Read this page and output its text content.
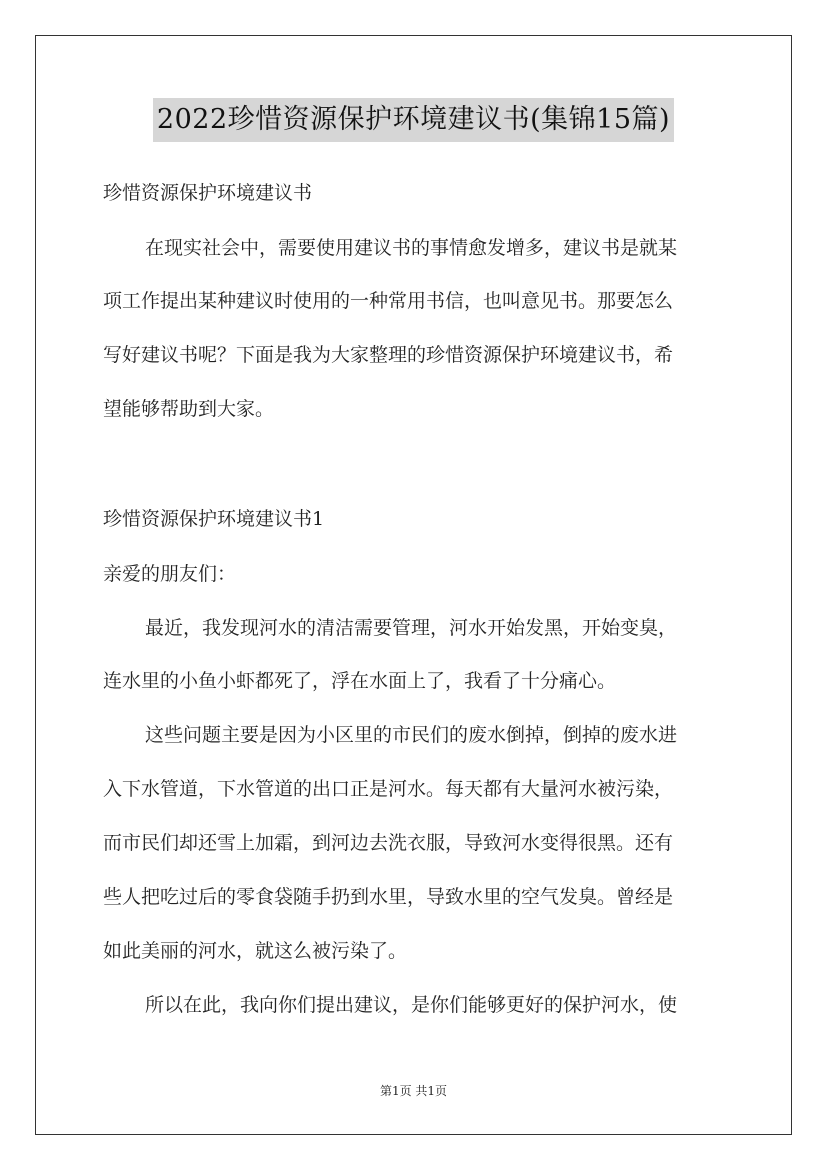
2022珍惜资源保护环境建议书(集锦15篇)
珍惜资源保护环境建议书
在现实社会中，需要使用建议书的事情愈发增多，建议书是就某
项工作提出某种建议时使用的一种常用书信，也叫意见书。那要怎么
写好建议书呢？下面是我为大家整理的珍惜资源保护环境建议书，希
望能够帮助到大家。
珍惜资源保护环境建议书1
亲爱的朋友们：
最近，我发现河水的清洁需要管理，河水开始发黑，开始变臭，
连水里的小鱼小虾都死了，浮在水面上了，我看了十分痛心。
这些问题主要是因为小区里的市民们的废水倒掉，倒掉的废水进
入下水管道，下水管道的出口正是河水。每天都有大量河水被污染，
而市民们却还雪上加霜，到河边去洗衣服，导致河水变得很黑。还有
些人把吃过后的零食袋随手扔到水里，导致水里的空气发臭。曾经是
如此美丽的河水，就这么被污染了。
所以在此，我向你们提出建议，是你们能够更好的保护河水，使
第1页 共1页
